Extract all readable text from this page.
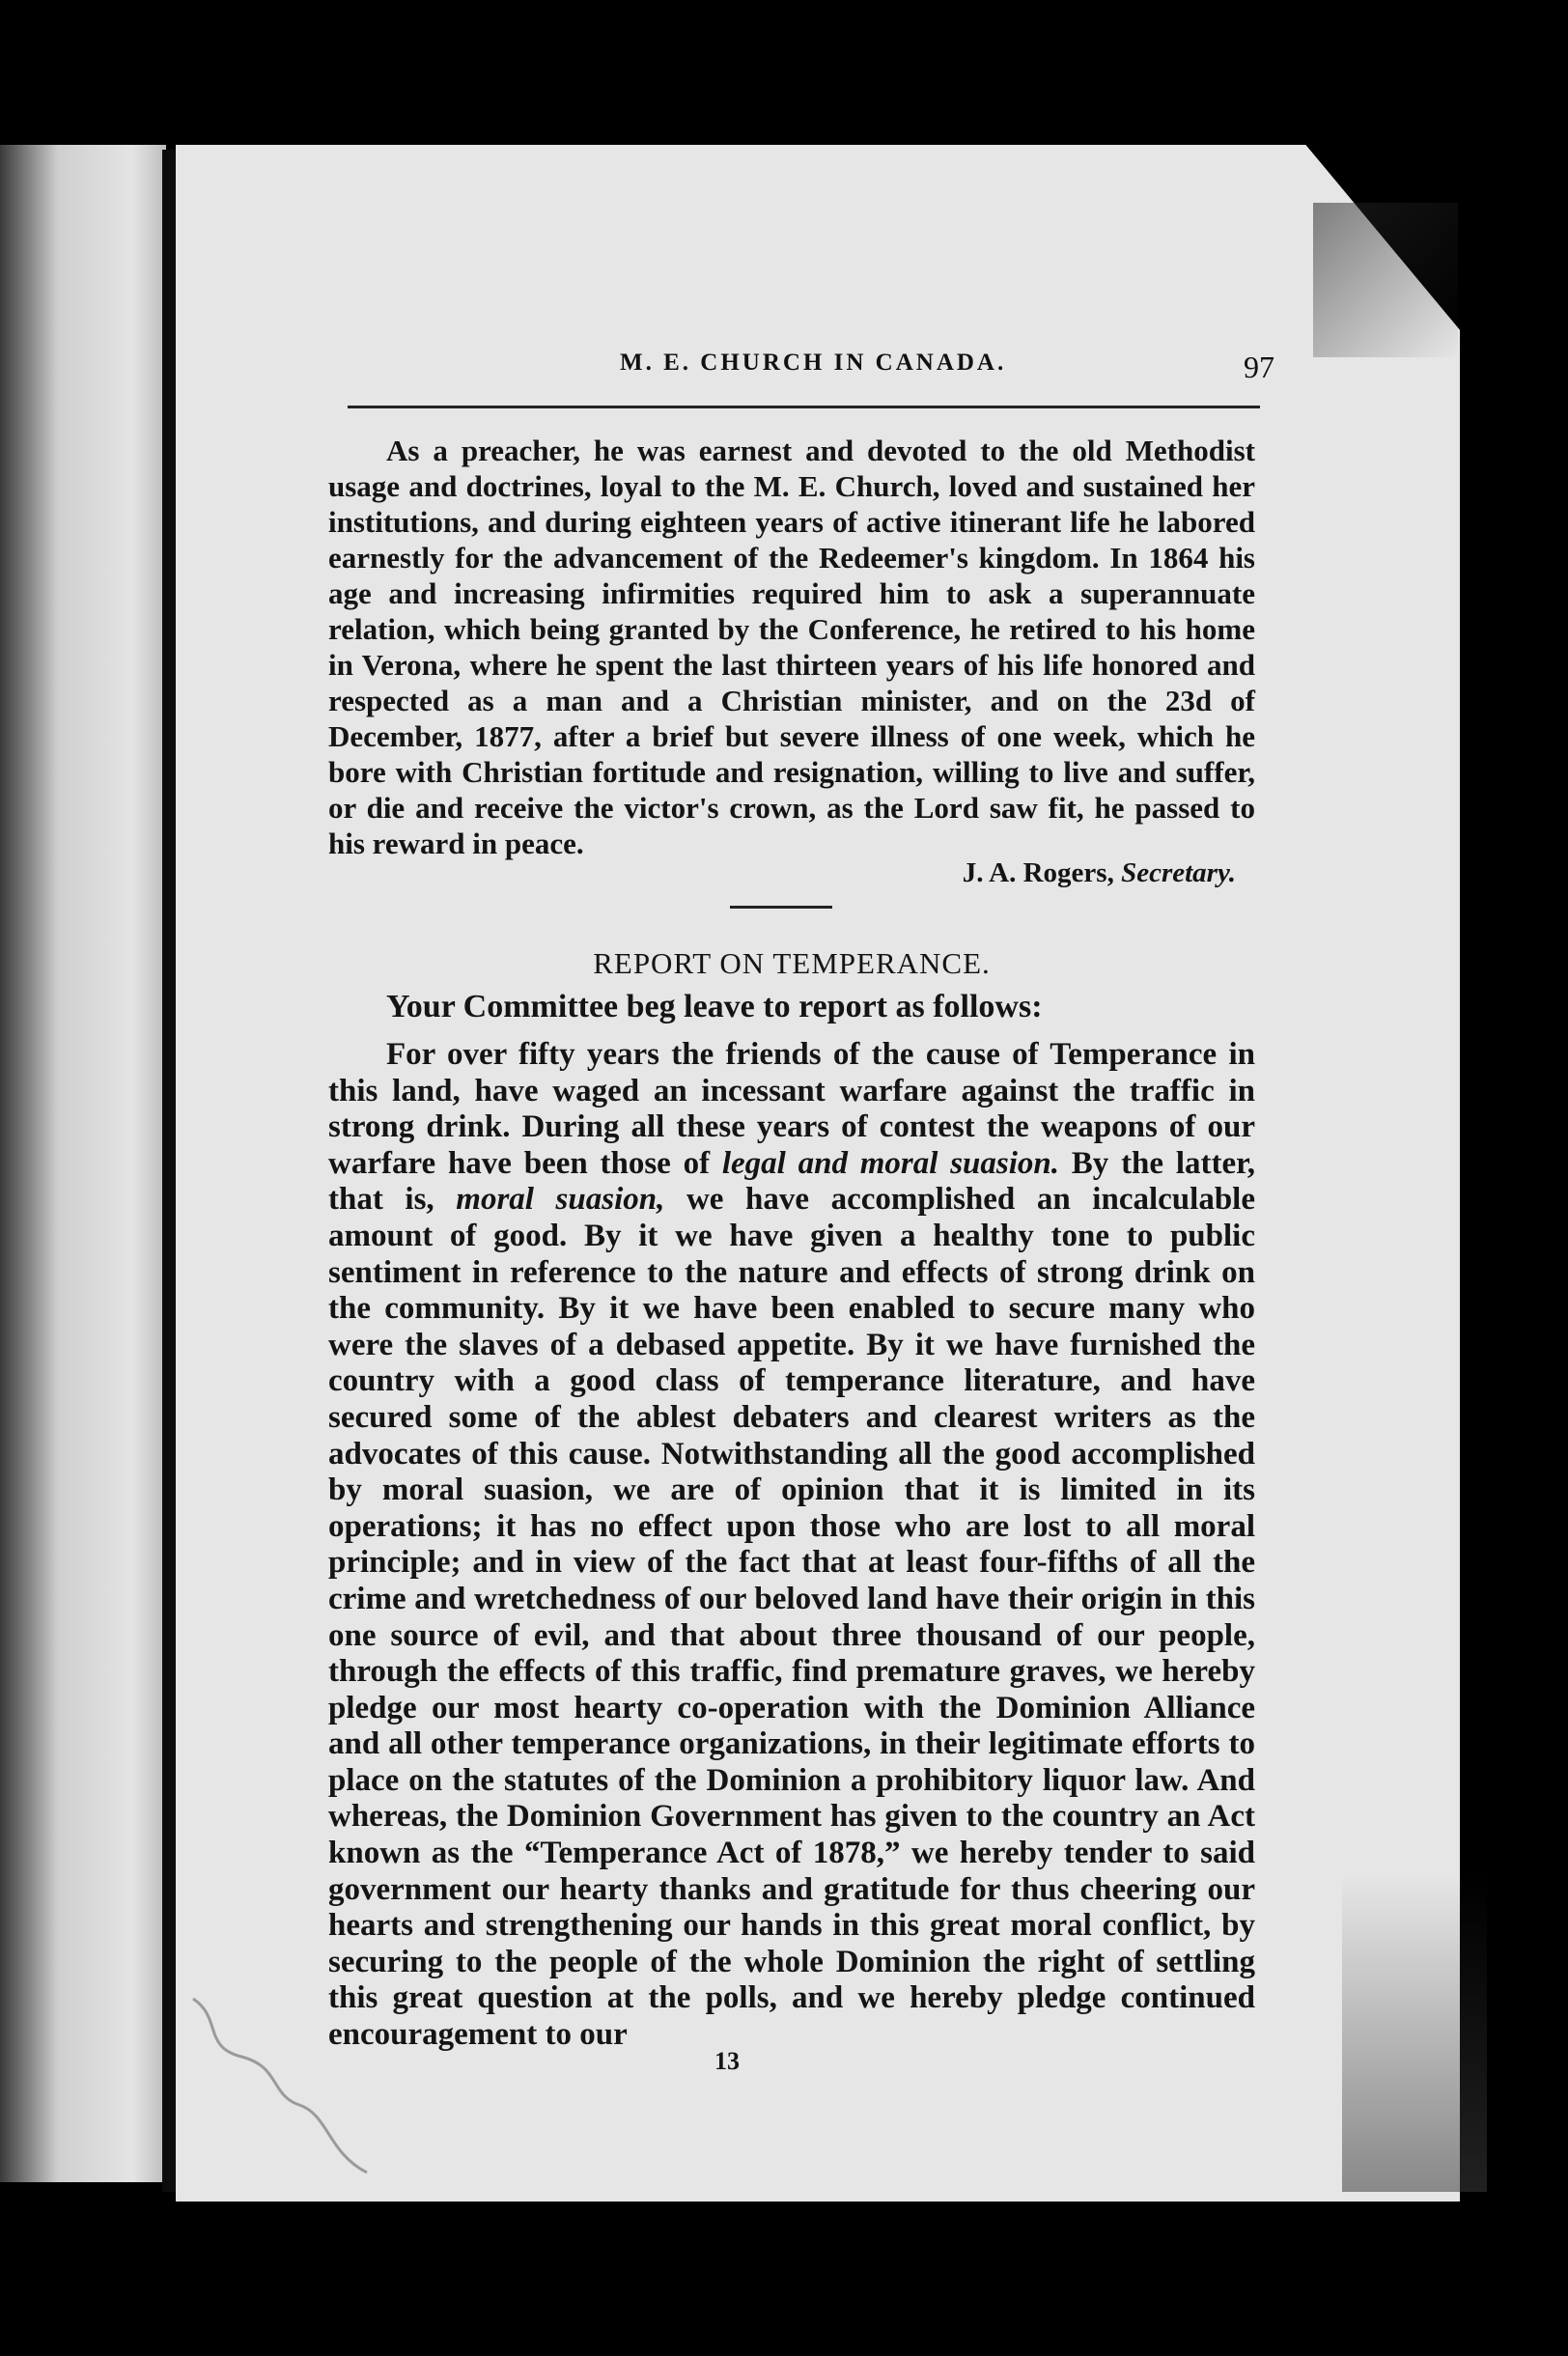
M. E. CHURCH IN CANADA.	97

As a preacher, he was earnest and devoted to the old Methodist usage and doctrines, loyal to the M. E. Church, loved and sustained her institutions, and during eighteen years of active itinerant life he labored earnestly for the advancement of the Redeemer's kingdom. In 1864 his age and increasing infirmities required him to ask a superannuate relation, which being granted by the Conference, he retired to his home in Verona, where he spent the last thirteen years of his life honored and respected as a man and a Christian minister, and on the 23d of December, 1877, after a brief but severe illness of one week, which he bore with Christian fortitude and resignation, willing to live and suffer, or die and receive the victor's crown, as the Lord saw fit, he passed to his reward in peace.

J. A. Rogers, Secretary.
REPORT ON TEMPERANCE.
Your Committee beg leave to report as follows:

For over fifty years the friends of the cause of Temperance in this land, have waged an incessant warfare against the traffic in strong drink. During all these years of contest the weapons of our warfare have been those of legal and moral suasion. By the latter, that is, moral suasion, we have accomplished an incalculable amount of good. By it we have given a healthy tone to public sentiment in reference to the nature and effects of strong drink on the community. By it we have been enabled to secure many who were the slaves of a debased appetite. By it we have furnished the country with a good class of temperance literature, and have secured some of the ablest debaters and clearest writers as the advocates of this cause. Notwithstanding all the good accomplished by moral suasion, we are of opinion that it is limited in its operations; it has no effect upon those who are lost to all moral principle; and in view of the fact that at least four-fifths of all the crime and wretchedness of our beloved land have their origin in this one source of evil, and that about three thousand of our people, through the effects of this traffic, find premature graves, we hereby pledge our most hearty co-operation with the Dominion Alliance and all other temperance organizations, in their legitimate efforts to place on the statutes of the Dominion a prohibitory liquor law. And whereas, the Dominion Government has given to the country an Act known as the “Temperance Act of 1878,” we hereby tender to said government our hearty thanks and gratitude for thus cheering our hearts and strengthening our hands in this great moral conflict, by securing to the people of the whole Dominion the right of settling this great question at the polls, and we hereby pledge continued encouragement to our

13
